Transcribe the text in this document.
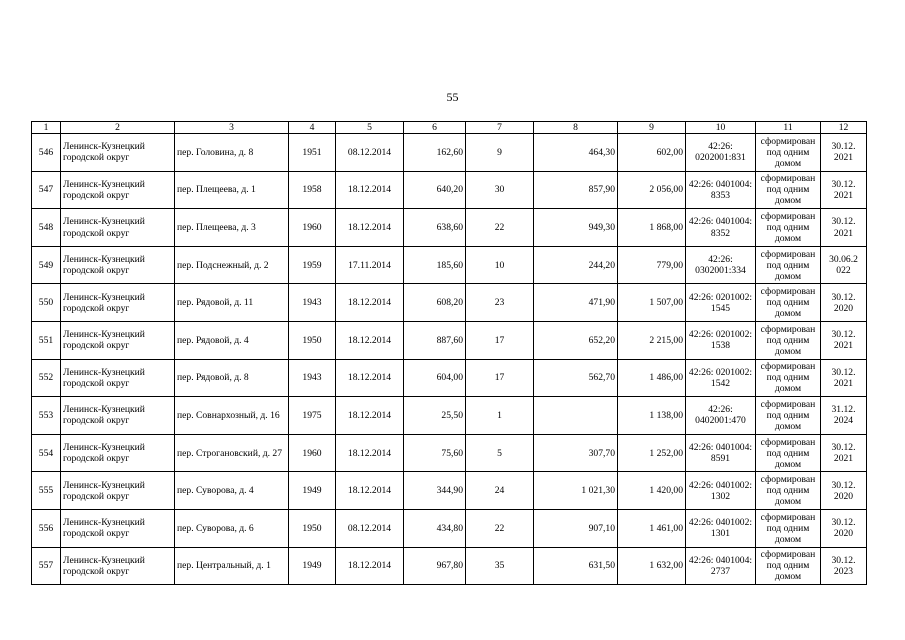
55
1	2	3	4	5	6	7	8	9	10	11	12
546	Ленинск-Кузнецкий городской округ	пер. Головина, д. 8	1951	08.12.2014	162,60	9	464,30	602,00	42:26: 0202001:831	сформирован под одним домом	30.12. 2021
547	Ленинск-Кузнецкий городской округ	пер. Плещеева, д. 1	1958	18.12.2014	640,20	30	857,90	2 056,00	42:26: 0401004: 8353	сформирован под одним домом	30.12. 2021
548	Ленинск-Кузнецкий городской округ	пер. Плещеева, д. 3	1960	18.12.2014	638,60	22	949,30	1 868,00	42:26: 0401004: 8352	сформирован под одним домом	30.12. 2021
549	Ленинск-Кузнецкий городской округ	пер. Подснежный, д. 2	1959	17.11.2014	185,60	10	244,20	779,00	42:26: 0302001:334	сформирован под одним домом	30.06.2 022
550	Ленинск-Кузнецкий городской округ	пер. Рядовой, д. 11	1943	18.12.2014	608,20	23	471,90	1 507,00	42:26: 0201002: 1545	сформирован под одним домом	30.12. 2020
551	Ленинск-Кузнецкий городской округ	пер. Рядовой, д. 4	1950	18.12.2014	887,60	17	652,20	2 215,00	42:26: 0201002: 1538	сформирован под одним домом	30.12. 2021
552	Ленинск-Кузнецкий городской округ	пер. Рядовой, д. 8	1943	18.12.2014	604,00	17	562,70	1 486,00	42:26: 0201002: 1542	сформирован под одним домом	30.12. 2021
553	Ленинск-Кузнецкий городской округ	пер. Совнархозный, д. 16	1975	18.12.2014	25,50	1		1 138,00	42:26: 0402001:470	сформирован под одним домом	31.12. 2024
554	Ленинск-Кузнецкий городской округ	пер. Строгановский, д. 27	1960	18.12.2014	75,60	5	307,70	1 252,00	42:26: 0401004: 8591	сформирован под одним домом	30.12. 2021
555	Ленинск-Кузнецкий городской округ	пер. Суворова, д. 4	1949	18.12.2014	344,90	24	1 021,30	1 420,00	42:26: 0401002: 1302	сформирован под одним домом	30.12. 2020
556	Ленинск-Кузнецкий городской округ	пер. Суворова, д. 6	1950	08.12.2014	434,80	22	907,10	1 461,00	42:26: 0401002: 1301	сформирован под одним домом	30.12. 2020
557	Ленинск-Кузнецкий городской округ	пер. Центральный, д. 1	1949	18.12.2014	967,80	35	631,50	1 632,00	42:26: 0401004: 2737	сформирован под одним домом	30.12. 2023
